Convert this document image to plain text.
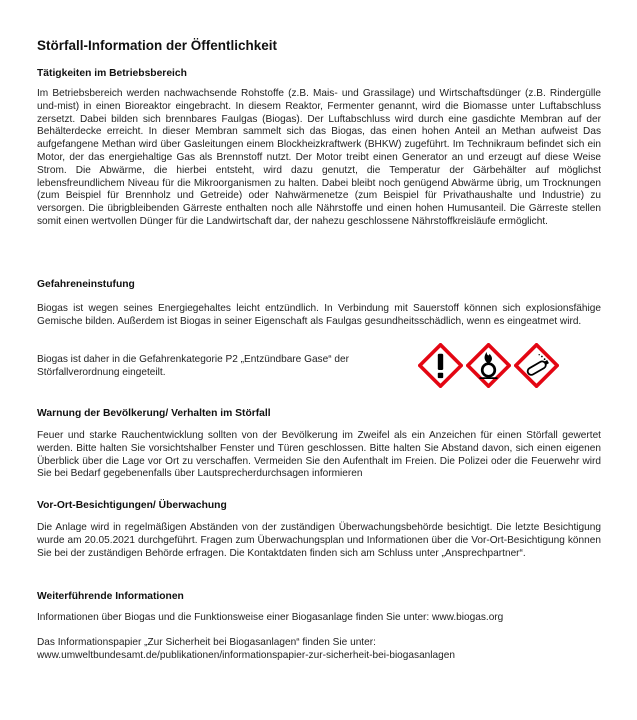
Störfall-Information der Öffentlichkeit
Tätigkeiten im Betriebsbereich

Im Betriebsbereich werden nachwachsende Rohstoffe (z.B. Mais- und Grassilage) und Wirtschaftsdünger (z.B. Rindergülle und-mist) in einen Bioreaktor eingebracht. In diesem Reaktor, Fermenter genannt, wird die Biomasse unter Luftabschluss zersetzt. Dabei bilden sich brennbares Faulgas (Biogas). Der Luftabschluss wird durch eine gasdichte Membran auf der Behälterdecke erreicht. In dieser Membran sammelt sich das Biogas, das einen hohen Anteil an Methan aufweist Das aufgefangene Methan wird über Gasleitungen einem Blockheizkraftwerk (BHKW) zugeführt. Im Technikraum befindet sich ein Motor, der das energiehaltige Gas als Brennstoff nutzt. Der Motor treibt einen Generator an und erzeugt auf diese Weise Strom. Die Abwärme, die hierbei entsteht, wird dazu genutzt, die Temperatur der Gärbehälter auf möglichst lebensfreundlichem Niveau für die Mikroorganismen zu halten. Dabei bleibt noch genügend Abwärme übrig, um Trocknungen (zum Beispiel für Brennholz und Getreide) oder Nahwärmenetze (zum Beispiel für Privathaushalte und Industrie) zu versorgen. Die übrigbleibenden Gärreste enthalten noch alle Nährstoffe und einen hohen Humusanteil. Die Gärreste stellen somit einen wertvollen Dünger für die Landwirtschaft dar, der nahezu geschlossene Nährstoffkreisläufe ermöglicht.

Gefahreneinstufung

Biogas ist wegen seines Energiegehaltes leicht entzündlich. In Verbindung mit Sauerstoff können sich explosionsfähige Gemische bilden. Außerdem ist Biogas in seiner Eigenschaft als Faulgas gesundheitsschädlich, wenn es eingeatmet wird.

Biogas ist daher in die Gefahrenkategorie P2 „Entzündbare Gase“ der
Störfallverordnung eingeteilt.
Warnung der Bevölkerung/ Verhalten im Störfall

Feuer und starke Rauchentwicklung sollten von der Bevölkerung im Zweifel als ein Anzeichen für einen Störfall gewertet werden. Bitte halten Sie vorsichtshalber Fenster und Türen geschlossen. Bitte halten Sie Abstand davon, sich einen eigenen Überblick über die Lage vor Ort zu verschaffen. Vermeiden Sie den Aufenthalt im Freien. Die Polizei oder die Feuerwehr wird Sie bei Bedarf gegebenenfalls über Lautsprecherdurchsagen informieren

Vor-Ort-Besichtigungen/ Überwachung

Die Anlage wird in regelmäßigen Abständen von der zuständigen Überwachungsbehörde besichtigt. Die letzte Besichtigung wurde am 20.05.2021 durchgeführt. Fragen zum Überwachungsplan und Informationen über die Vor-Ort-Besichtigung können Sie bei der zuständigen Behörde erfragen. Die Kontaktdaten finden sich am Schluss unter „Ansprechpartner“.

Weiterführende Informationen
Informationen über Biogas und die Funktionsweise einer Biogasanlage finden Sie unter: www.biogas.org
Das Informationspapier „Zur Sicherheit bei Biogasanlagen“ finden Sie unter:
www.umweltbundesamt.de/publikationen/informationspapier-zur-sicherheit-bei-biogasanlagen
